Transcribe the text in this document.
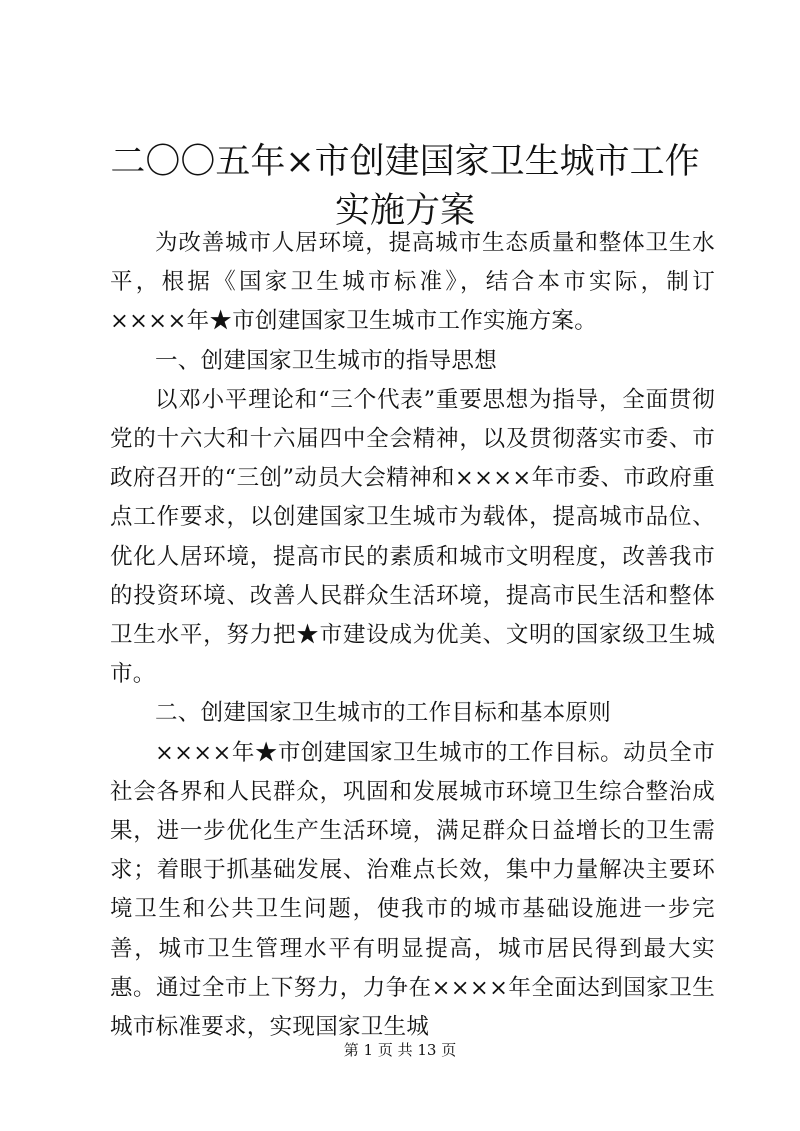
二〇〇五年×市创建国家卫生城市工作实施方案

为改善城市人居环境，提高城市生态质量和整体卫生水平，根据《国家卫生城市标准》，结合本市实际，制订××××年★市创建国家卫生城市工作实施方案。

一、创建国家卫生城市的指导思想

以邓小平理论和“三个代表”重要思想为指导，全面贯彻党的十六大和十六届四中全会精神，以及贯彻落实市委、市政府召开的“三创”动员大会精神和××××年市委、市政府重点工作要求，以创建国家卫生城市为载体，提高城市品位、优化人居环境，提高市民的素质和城市文明程度，改善我市的投资环境、改善人民群众生活环境，提高市民生活和整体卫生水平，努力把★市建设成为优美、文明的国家级卫生城市。

二、创建国家卫生城市的工作目标和基本原则

××××年★市创建国家卫生城市的工作目标。动员全市社会各界和人民群众，巩固和发展城市环境卫生综合整治成果，进一步优化生产生活环境，满足群众日益增长的卫生需求；着眼于抓基础发展、治难点长效，集中力量解决主要环境卫生和公共卫生问题，使我市的城市基础设施进一步完善，城市卫生管理水平有明显提高，城市居民得到最大实惠。通过全市上下努力，力争在××××年全面达到国家卫生城市标准要求，实现国家卫生城

第 1 页 共 13 页
